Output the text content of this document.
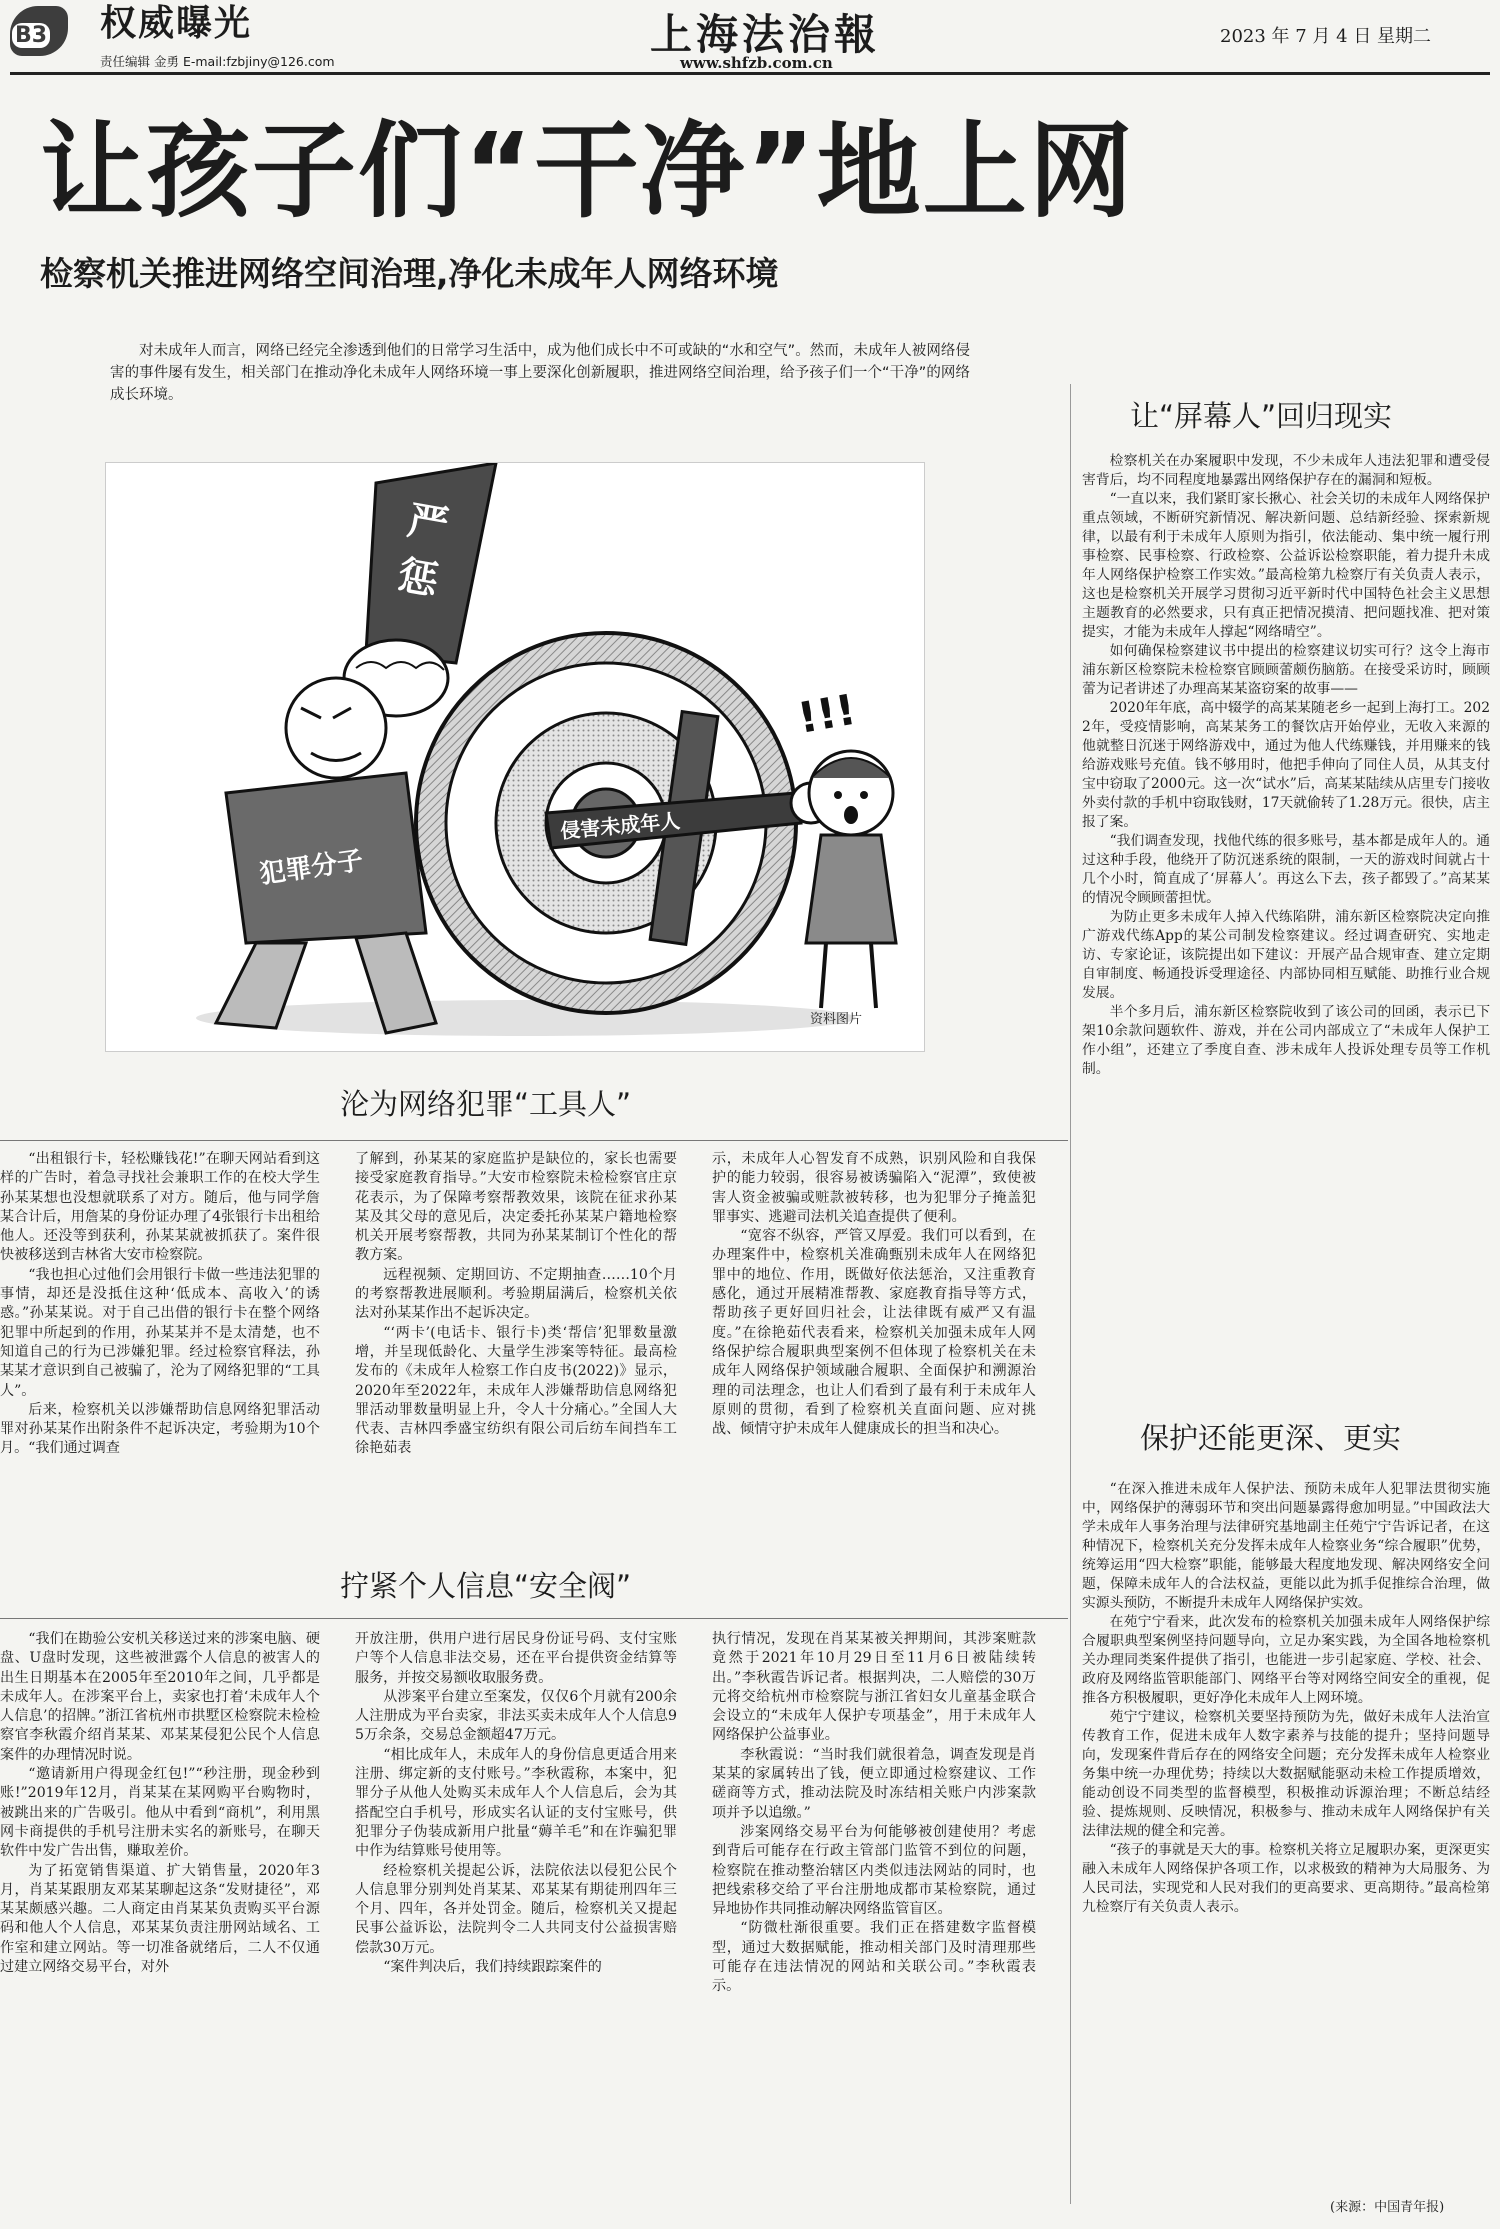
B3	权威曝光
责任编辑 金勇 E-mail:fzbjiny@126.com
上海法治報
www.shfzb.com.cn
2023 年 7 月 4 日 星期二
让孩子们“干净”地上网
检察机关推进网络空间治理,净化未成年人网络环境

对未成年人而言，网络已经完全渗透到他们的日常学习生活中，成为他们成长中不可或缺的“水和空气”。然而，未成年人被网络侵害的事件屡有发生，相关部门在推动净化未成年人网络环境一事上要深化创新履职，推进网络空间治理，给予孩子们一个“干净”的网络成长环境。

严
惩
犯罪分子
侵害未成年人
!!!
资料图片
沦为网络犯罪“工具人”

“出租银行卡，轻松赚钱花!”在聊天网站看到这样的广告时，着急寻找社会兼职工作的在校大学生孙某某想也没想就联系了对方。随后，他与同学詹某合计后，用詹某的身份证办理了4张银行卡出租给他人。还没等到获利，孙某某就被抓获了。案件很快被移送到吉林省大安市检察院。

“我也担心过他们会用银行卡做一些违法犯罪的事情，却还是没抵住这种‘低成本、高收入’的诱惑。”孙某某说。对于自己出借的银行卡在整个网络犯罪中所起到的作用，孙某某并不是太清楚，也不知道自己的行为已涉嫌犯罪。经过检察官释法，孙某某才意识到自己被骗了，沦为了网络犯罪的“工具人”。

后来，检察机关以涉嫌帮助信息网络犯罪活动罪对孙某某作出附条件不起诉决定，考验期为10个月。“我们通过调查

了解到，孙某某的家庭监护是缺位的，家长也需要接受家庭教育指导。”大安市检察院未检检察官庄京花表示，为了保障考察帮教效果，该院在征求孙某某及其父母的意见后，决定委托孙某某户籍地检察机关开展考察帮教，共同为孙某某制订个性化的帮教方案。

远程视频、定期回访、不定期抽查……10个月的考察帮教进展顺利。考验期届满后，检察机关依法对孙某某作出不起诉决定。

“‘两卡’(电话卡、银行卡)类‘帮信’犯罪数量激增，并呈现低龄化、大量学生涉案等特征。最高检发布的《未成年人检察工作白皮书(2022)》显示，2020年至2022年，未成年人涉嫌帮助信息网络犯罪活动罪数量明显上升，令人十分痛心。”全国人大代表、吉林四季盛宝纺织有限公司后纺车间挡车工徐艳茹表

示，未成年人心智发育不成熟，识别风险和自我保护的能力较弱，很容易被诱骗陷入“泥潭”，致使被害人资金被骗或赃款被转移，也为犯罪分子掩盖犯罪事实、逃避司法机关追查提供了便利。

“宽容不纵容，严管又厚爱。我们可以看到，在办理案件中，检察机关准确甄别未成年人在网络犯罪中的地位、作用，既做好依法惩治，又注重教育感化，通过开展精准帮教、家庭教育指导等方式，帮助孩子更好回归社会，让法律既有威严又有温度。”在徐艳茹代表看来，检察机关加强未成年人网络保护综合履职典型案例不但体现了检察机关在未成年人网络保护领域融合履职、全面保护和溯源治理的司法理念，也让人们看到了最有利于未成年人原则的贯彻，看到了检察机关直面问题、应对挑战、倾情守护未成年人健康成长的担当和决心。

拧紧个人信息“安全阀”

“我们在勘验公安机关移送过来的涉案电脑、硬盘、U盘时发现，这些被泄露个人信息的被害人的出生日期基本在2005年至2010年之间，几乎都是未成年人。在涉案平台上，卖家也打着‘未成年人个人信息’的招牌。”浙江省杭州市拱墅区检察院未检检察官李秋霞介绍肖某某、邓某某侵犯公民个人信息案件的办理情况时说。

“邀请新用户得现金红包!”“秒注册，现金秒到账!”2019年12月，肖某某在某网购平台购物时，被跳出来的广告吸引。他从中看到“商机”，利用黑网卡商提供的手机号注册未实名的新账号，在聊天软件中发广告出售，赚取差价。

为了拓宽销售渠道、扩大销售量，2020年3月，肖某某跟朋友邓某某聊起这条“发财捷径”，邓某某颇感兴趣。二人商定由肖某某负责购买平台源码和他人个人信息，邓某某负责注册网站域名、工作室和建立网站。等一切准备就绪后，二人不仅通过建立网络交易平台，对外

开放注册，供用户进行居民身份证号码、支付宝账户等个人信息非法交易，还在平台提供资金结算等服务，并按交易额收取服务费。

从涉案平台建立至案发，仅仅6个月就有200余人注册成为平台卖家，非法买卖未成年人个人信息95万余条，交易总金额超47万元。

“相比成年人，未成年人的身份信息更适合用来注册、绑定新的支付账号。”李秋霞称，本案中，犯罪分子从他人处购买未成年人个人信息后，会为其搭配空白手机号，形成实名认证的支付宝账号，供犯罪分子伪装成新用户批量“薅羊毛”和在诈骗犯罪中作为结算账号使用等。

经检察机关提起公诉，法院依法以侵犯公民个人信息罪分别判处肖某某、邓某某有期徒刑四年三个月、四年，各并处罚金。随后，检察机关又提起民事公益诉讼，法院判令二人共同支付公益损害赔偿款30万元。

“案件判决后，我们持续跟踪案件的

执行情况，发现在肖某某被关押期间，其涉案赃款竟然于2021年10月29日至11月6日被陆续转出。”李秋霞告诉记者。根据判决，二人赔偿的30万元将交给杭州市检察院与浙江省妇女儿童基金联合会设立的“未成年人保护专项基金”，用于未成年人网络保护公益事业。

李秋霞说：“当时我们就很着急，调查发现是肖某某的家属转出了钱，便立即通过检察建议、工作磋商等方式，推动法院及时冻结相关账户内涉案款项并予以追缴。”

涉案网络交易平台为何能够被创建使用？考虑到背后可能存在行政主管部门监管不到位的问题，检察院在推动整治辖区内类似违法网站的同时，也把线索移交给了平台注册地成都市某检察院，通过异地协作共同推动解决网络监管盲区。

“防微杜渐很重要。我们正在搭建数字监督模型，通过大数据赋能，推动相关部门及时清理那些可能存在违法情况的网站和关联公司。”李秋霞表示。

让“屏幕人”回归现实

检察机关在办案履职中发现，不少未成年人违法犯罪和遭受侵害背后，均不同程度地暴露出网络保护存在的漏洞和短板。

“一直以来，我们紧盯家长揪心、社会关切的未成年人网络保护重点领域，不断研究新情况、解决新问题、总结新经验、探索新规律，以最有利于未成年人原则为指引，依法能动、集中统一履行刑事检察、民事检察、行政检察、公益诉讼检察职能，着力提升未成年人网络保护检察工作实效。”最高检第九检察厅有关负责人表示，这也是检察机关开展学习贯彻习近平新时代中国特色社会主义思想主题教育的必然要求，只有真正把情况摸清、把问题找准、把对策提实，才能为未成年人撑起“网络晴空”。

如何确保检察建议书中提出的检察建议切实可行？这令上海市浦东新区检察院未检检察官顾顾蕾颇伤脑筋。在接受采访时，顾顾蕾为记者讲述了办理高某某盗窃案的故事——

2020年年底，高中辍学的高某某随老乡一起到上海打工。2022年，受疫情影响，高某某务工的餐饮店开始停业，无收入来源的他就整日沉迷于网络游戏中，通过为他人代练赚钱，并用赚来的钱给游戏账号充值。钱不够用时，他把手伸向了同住人员，从其支付宝中窃取了2000元。这一次“试水”后，高某某陆续从店里专门接收外卖付款的手机中窃取钱财，17天就偷转了1.28万元。很快，店主报了案。

“我们调查发现，找他代练的很多账号，基本都是成年人的。通过这种手段，他绕开了防沉迷系统的限制，一天的游戏时间就占十几个小时，简直成了‘屏幕人’。再这么下去，孩子都毁了。”高某某的情况令顾顾蕾担忧。

为防止更多未成年人掉入代练陷阱，浦东新区检察院决定向推广游戏代练App的某公司制发检察建议。经过调查研究、实地走访、专家论证，该院提出如下建议：开展产品合规审查、建立定期自审制度、畅通投诉受理途径、内部协同相互赋能、助推行业合规发展。

半个多月后，浦东新区检察院收到了该公司的回函，表示已下架10余款问题软件、游戏，并在公司内部成立了“未成年人保护工作小组”，还建立了季度自查、涉未成年人投诉处理专员等工作机制。

保护还能更深、更实

“在深入推进未成年人保护法、预防未成年人犯罪法贯彻实施中，网络保护的薄弱环节和突出问题暴露得愈加明显。”中国政法大学未成年人事务治理与法律研究基地副主任苑宁宁告诉记者，在这种情况下，检察机关充分发挥未成年人检察业务“综合履职”优势，统筹运用“四大检察”职能，能够最大程度地发现、解决网络安全问题，保障未成年人的合法权益，更能以此为抓手促推综合治理，做实源头预防，不断提升未成年人网络保护实效。

在苑宁宁看来，此次发布的检察机关加强未成年人网络保护综合履职典型案例坚持问题导向，立足办案实践，为全国各地检察机关办理同类案件提供了指引，也能进一步引起家庭、学校、社会、政府及网络监管职能部门、网络平台等对网络空间安全的重视，促推各方积极履职，更好净化未成年人上网环境。

苑宁宁建议，检察机关要坚持预防为先，做好未成年人法治宣传教育工作，促进未成年人数字素养与技能的提升；坚持问题导向，发现案件背后存在的网络安全问题；充分发挥未成年人检察业务集中统一办理优势；持续以大数据赋能驱动未检工作提质增效，能动创设不同类型的监督模型，积极推动诉源治理；不断总结经验、提炼规则、反映情况，积极参与、推动未成年人网络保护有关法律法规的健全和完善。

“孩子的事就是天大的事。检察机关将立足履职办案，更深更实融入未成年人网络保护各项工作，以求极致的精神为大局服务、为人民司法，实现党和人民对我们的更高要求、更高期待。”最高检第九检察厅有关负责人表示。

(来源：中国青年报)
